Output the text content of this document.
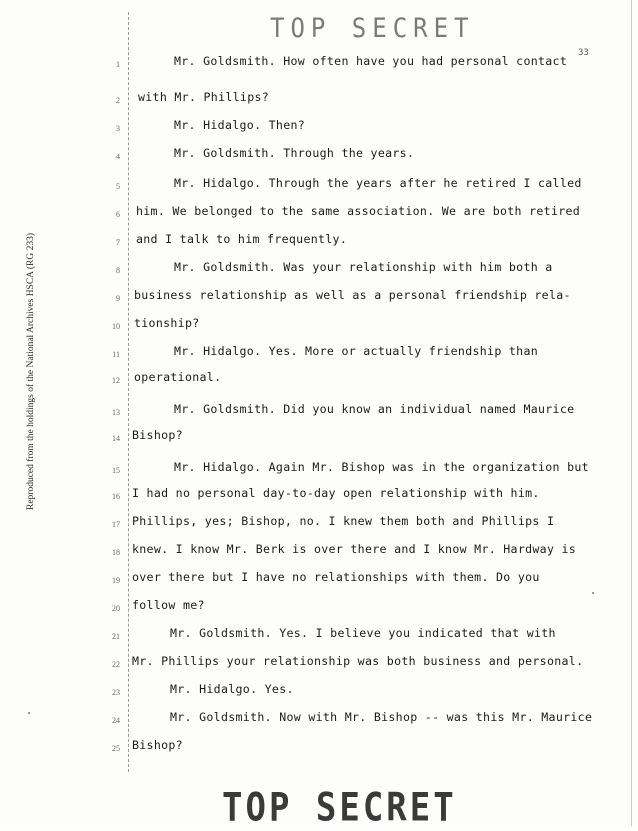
TOP SECRET
33
Reproduced from the holdings of the National Archives HSCA (RG 233)
1
2
3
4
5
6
7
8
9
10
11
12
13
14
15
16
17
18
19
20
21
22
23
24
25
Mr. Goldsmith. How often have you had personal contact
with Mr. Phillips?
Mr. Hidalgo. Then?
Mr. Goldsmith. Through the years.
Mr. Hidalgo. Through the years after he retired I called
him. We belonged to the same association. We are both retired
and I talk to him frequently.
Mr. Goldsmith. Was your relationship with him both a
business relationship as well as a personal friendship rela-
tionship?
Mr. Hidalgo. Yes. More or actually friendship than
operational.
Mr. Goldsmith. Did you know an individual named Maurice
Bishop?
Mr. Hidalgo. Again Mr. Bishop was in the organization but
I had no personal day-to-day open relationship with him.
Phillips, yes; Bishop, no. I knew them both and Phillips I
knew. I know Mr. Berk is over there and I know Mr. Hardway is
over there but I have no relationships with them. Do you
follow me?
Mr. Goldsmith. Yes. I believe you indicated that with
Mr. Phillips your relationship was both business and personal.
Mr. Hidalgo. Yes.
Mr. Goldsmith. Now with Mr. Bishop -- was this Mr. Maurice
Bishop?
TOP SECRET
